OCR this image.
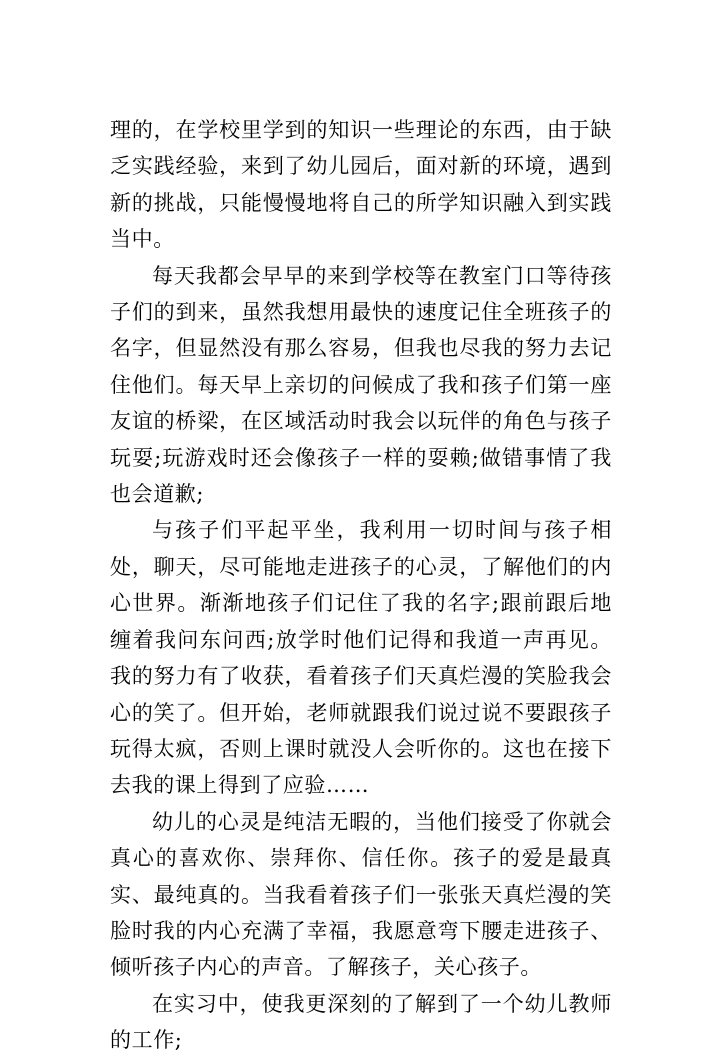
理的，在学校里学到的知识一些理论的东西，由于缺乏实践经验，来到了幼儿园后，面对新的环境，遇到新的挑战，只能慢慢地将自己的所学知识融入到实践当中。

每天我都会早早的来到学校等在教室门口等待孩子们的到来，虽然我想用最快的速度记住全班孩子的名字，但显然没有那么容易，但我也尽我的努力去记住他们。每天早上亲切的问候成了我和孩子们第一座友谊的桥梁，在区域活动时我会以玩伴的角色与孩子玩耍;玩游戏时还会像孩子一样的耍赖;做错事情了我也会道歉;

与孩子们平起平坐，我利用一切时间与孩子相处，聊天，尽可能地走进孩子的心灵，了解他们的内心世界。渐渐地孩子们记住了我的名字;跟前跟后地缠着我问东问西;放学时他们记得和我道一声再见。我的努力有了收获，看着孩子们天真烂漫的笑脸我会心的笑了。但开始，老师就跟我们说过说不要跟孩子玩得太疯，否则上课时就没人会听你的。这也在接下去我的课上得到了应验……

幼儿的心灵是纯洁无暇的，当他们接受了你就会真心的喜欢你、崇拜你、信任你。孩子的爱是最真实、最纯真的。当我看着孩子们一张张天真烂漫的笑脸时我的内心充满了幸福，我愿意弯下腰走进孩子、倾听孩子内心的声音。了解孩子，关心孩子。

在实习中，使我更深刻的了解到了一个幼儿教师的工作;
